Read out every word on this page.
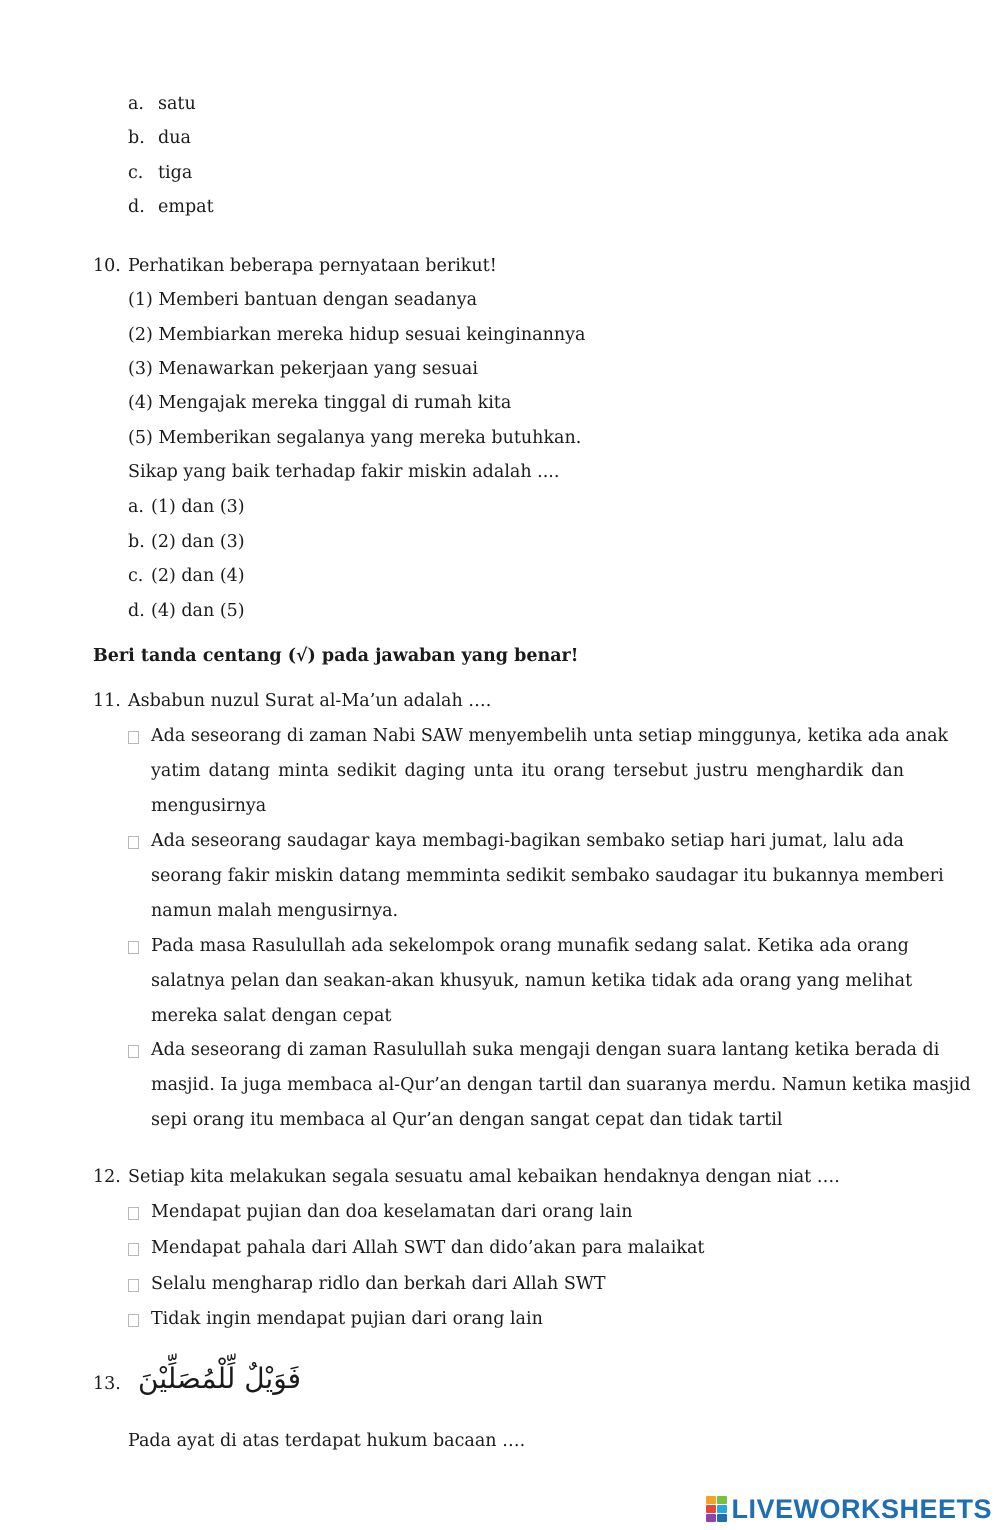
a. satu
b. dua
c. tiga
d. empat
10. Perhatikan beberapa pernyataan berikut!
(1) Memberi bantuan dengan seadanya
(2) Membiarkan mereka hidup sesuai keinginannya
(3) Menawarkan pekerjaan yang sesuai
(4) Mengajak mereka tinggal di rumah kita
(5) Memberikan segalanya yang mereka butuhkan.
Sikap yang baik terhadap fakir miskin adalah ....
a. (1) dan (3)
b. (2) dan (3)
c. (2) dan (4)
d. (4) dan (5)
Beri tanda centang (√) pada jawaban yang benar!
11. Asbabun nuzul Surat al-Ma’un adalah ….
Ada seseorang di zaman Nabi SAW menyembelih unta setiap minggunya, ketika ada anak
yatim datang minta sedikit daging unta itu orang tersebut justru menghardik dan
mengusirnya
Ada seseorang saudagar kaya membagi-bagikan sembako setiap hari jumat, lalu ada
seorang fakir miskin datang memminta sedikit sembako saudagar itu bukannya memberi
namun malah mengusirnya.
Pada masa Rasulullah ada sekelompok orang munafik sedang salat. Ketika ada orang
salatnya pelan dan seakan-akan khusyuk, namun ketika tidak ada orang yang melihat
mereka salat dengan cepat
Ada seseorang di zaman Rasulullah suka mengaji dengan suara lantang ketika berada di
masjid. Ia juga membaca al-Qur’an dengan tartil dan suaranya merdu. Namun ketika masjid
sepi orang itu membaca al Qur’an dengan sangat cepat dan tidak tartil
12. Setiap kita melakukan segala sesuatu amal kebaikan hendaknya dengan niat ….
Mendapat pujian dan doa keselamatan dari orang lain
Mendapat pahala dari Allah SWT dan dido’akan para malaikat
Selalu mengharap ridlo dan berkah dari Allah SWT
Tidak ingin mendapat pujian dari orang lain
13. فَوَيْلٌ لِّلْمُصَلِّيْنَ
Pada ayat di atas terdapat hukum bacaan ….
LIVEWORKSHEETS
